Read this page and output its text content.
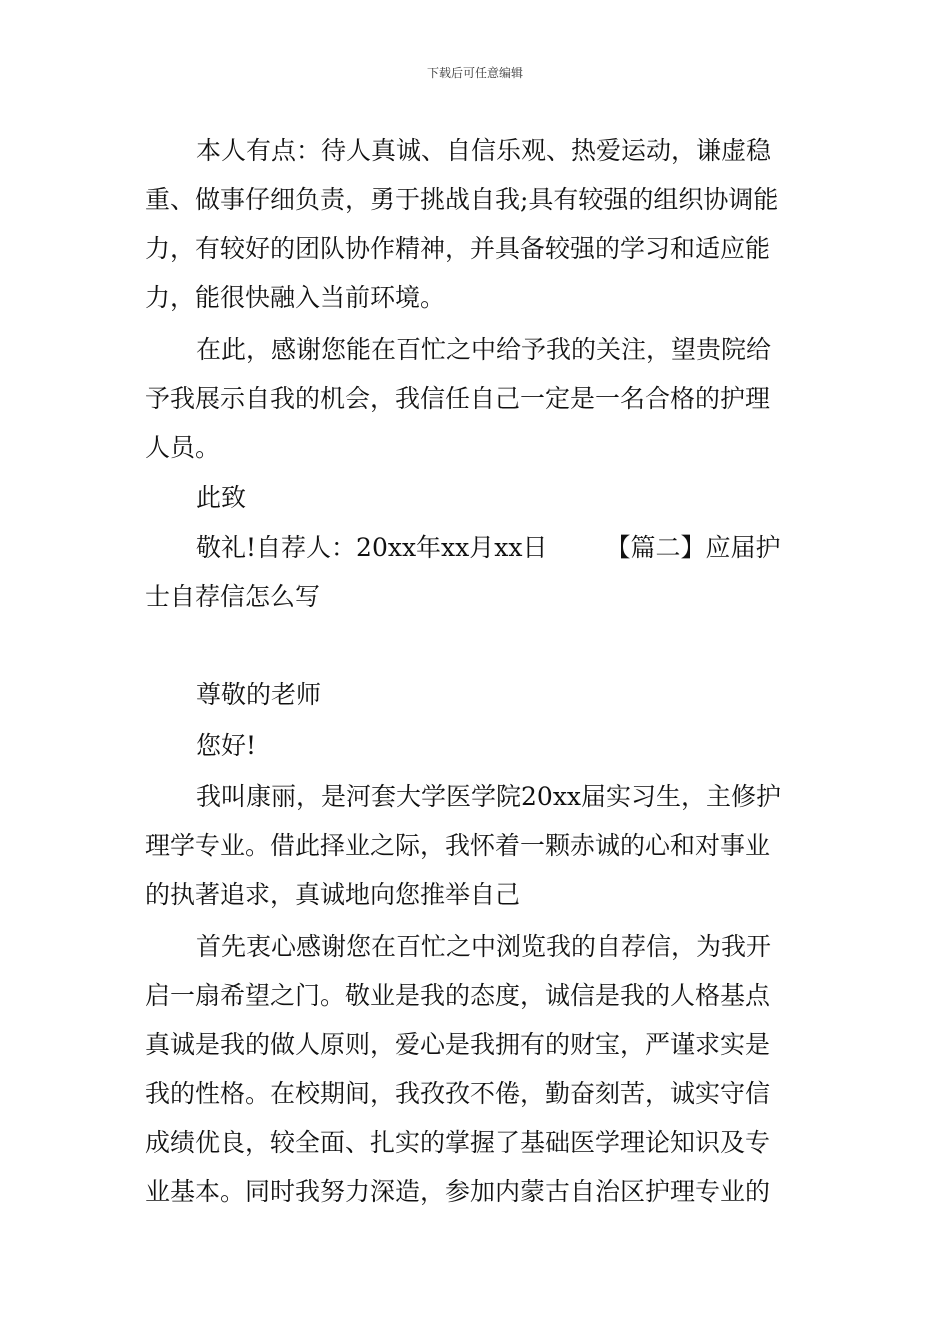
下载后可任意编辑
本人有点：待人真诚、自信乐观、热爱运动，谦虚稳
重、做事仔细负责，勇于挑战自我;具有较强的组织协调能
力，有较好的团队协作精神，并具备较强的学习和适应能
力，能很快融入当前环境。
在此，感谢您能在百忙之中给予我的关注，望贵院给
予我展示自我的机会，我信任自己一定是一名合格的护理
人员。
此致
敬礼!自荐人：20xx年xx月xx日 【篇二】应届护
士自荐信怎么写
尊敬的老师
您好!
我叫康丽，是河套大学医学院20xx届实习生，主修护
理学专业。借此择业之际，我怀着一颗赤诚的心和对事业
的执著追求，真诚地向您推举自己
首先衷心感谢您在百忙之中浏览我的自荐信，为我开
启一扇希望之门。敬业是我的态度，诚信是我的人格基点
真诚是我的做人原则，爱心是我拥有的财宝，严谨求实是
我的性格。在校期间，我孜孜不倦，勤奋刻苦，诚实守信
成绩优良，较全面、扎实的掌握了基础医学理论知识及专
业基本。同时我努力深造，参加内蒙古自治区护理专业的
